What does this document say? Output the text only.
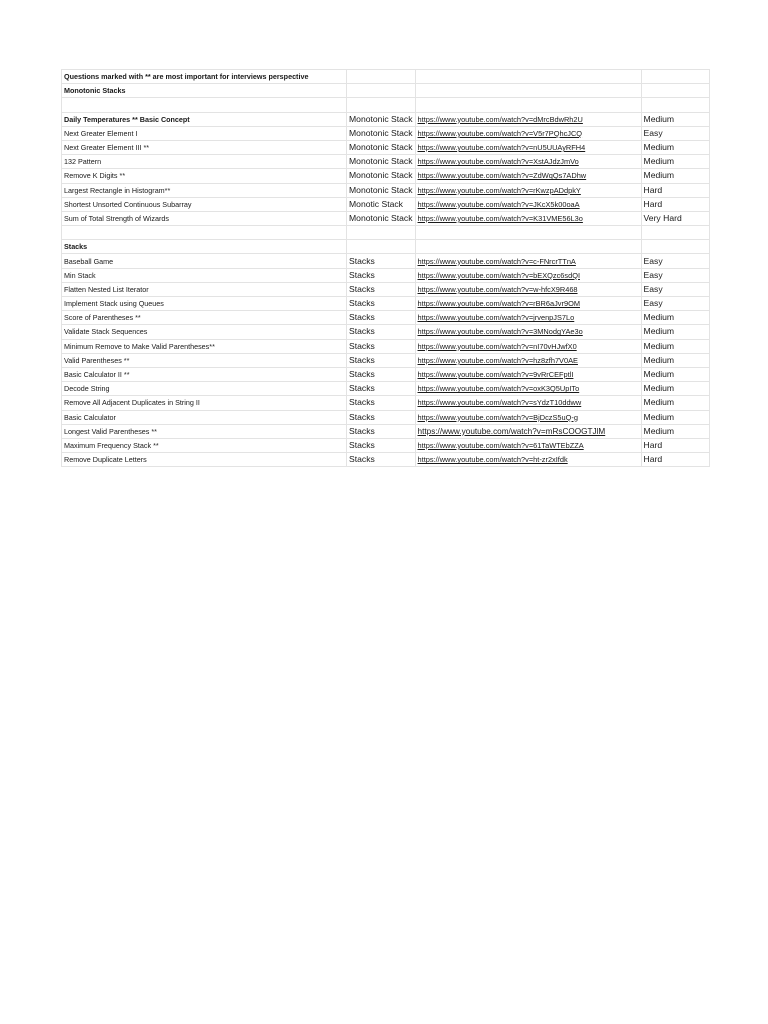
Questions marked with ** are most important for interviews perspective			
Monotonic Stacks			

Daily Temperatures ** Basic Concept	Monotonic Stack	https://www.youtube.com/watch?v=dMrcBdwRh2U	Medium
Next Greater Element I	Monotonic Stack	https://www.youtube.com/watch?v=V5r7PQhcJCQ	Easy
Next Greater Element III **	Monotonic Stack	https://www.youtube.com/watch?v=nU5UUAyRFH4	Medium
132 Pattern	Monotonic Stack	https://www.youtube.com/watch?v=XstAJdzJmVo	Medium
Remove K Digits **	Monotonic Stack	https://www.youtube.com/watch?v=ZdWqQs7ADhw	Medium
Largest Rectangle in Histogram**	Monotonic Stack	https://www.youtube.com/watch?v=rKwzpADdpkY	Hard
Shortest Unsorted Continuous Subarray	Monotic Stack	https://www.youtube.com/watch?v=JKcX5k00oaA	Hard
Sum of Total Strength of Wizards	Monotonic Stack	https://www.youtube.com/watch?v=K31VME56L3o	Very Hard

Stacks			
Baseball Game	Stacks	https://www.youtube.com/watch?v=c-FNrcrTTnA	Easy
Min Stack	Stacks	https://www.youtube.com/watch?v=bEXQzc6sdQI	Easy
Flatten Nested List Iterator	Stacks	https://www.youtube.com/watch?v=w-hfcX9R468	Easy
Implement Stack using Queues	Stacks	https://www.youtube.com/watch?v=rBR6aJvr9OM	Easy
Score of Parentheses **	Stacks	https://www.youtube.com/watch?v=jrvenpJS7Lo	Medium
Validate Stack Sequences	Stacks	https://www.youtube.com/watch?v=3MNodgYAe3o	Medium
Minimum Remove to Make Valid Parentheses**	Stacks	https://www.youtube.com/watch?v=nI70vHJwfX0	Medium
Valid Parentheses **	Stacks	https://www.youtube.com/watch?v=hz8zfh7V0AE	Medium
Basic Calculator II **	Stacks	https://www.youtube.com/watch?v=9vRrCEFptlI	Medium
Decode String	Stacks	https://www.youtube.com/watch?v=oxK3Q5UpITo	Medium
Remove All Adjacent Duplicates in String II	Stacks	https://www.youtube.com/watch?v=sYdzT10ddww	Medium
Basic Calculator	Stacks	https://www.youtube.com/watch?v=BjDczS5uQ-g	Medium
Longest Valid Parentheses **	Stacks	https://www.youtube.com/watch?v=mRsCOOGTJlM	Medium
Maximum Frequency Stack **	Stacks	https://www.youtube.com/watch?v=61TaWTEbZZA	Hard
Remove Duplicate Letters	Stacks	https://www.youtube.com/watch?v=ht-zr2xIfdk	Hard
